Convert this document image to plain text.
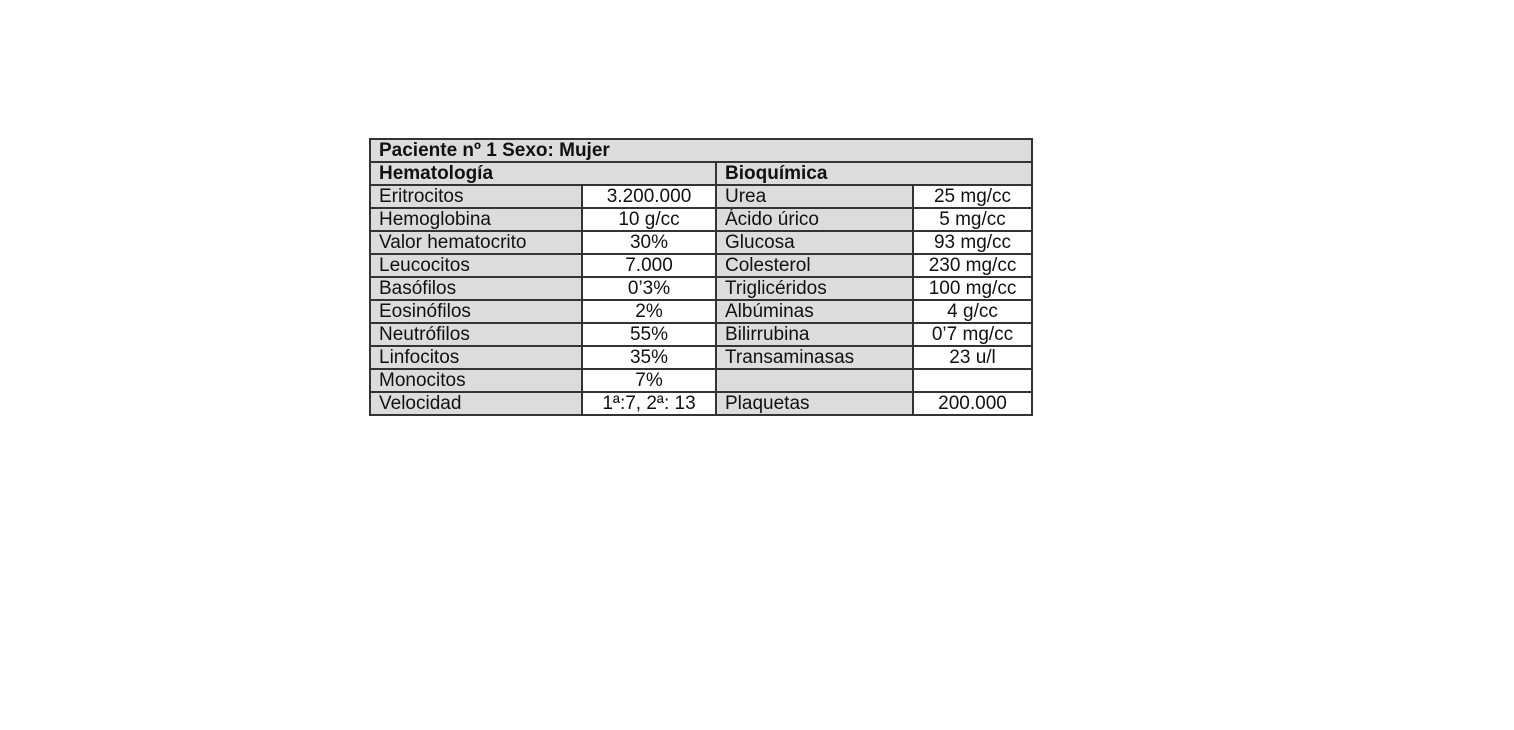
Paciente nº 1 Sexo: Mujer			
Hematología		Bioquímica	
Eritrocitos	3.200.000	Urea	25 mg/cc
Hemoglobina	10 g/cc	Ácido úrico	5 mg/cc
Valor hematocrito	30%	Glucosa	93 mg/cc
Leucocitos	7.000	Colesterol	230 mg/cc
Basófilos	0’3%	Triglicéridos	100 mg/cc
Eosinófilos	2%	Albúminas	4 g/cc
Neutrófilos	55%	Bilirrubina	0’7 mg/cc
Linfocitos	35%	Transaminasas	23 u/l
Monocitos	7%		
Velocidad	1ª:7, 2ª: 13	Plaquetas	200.000
